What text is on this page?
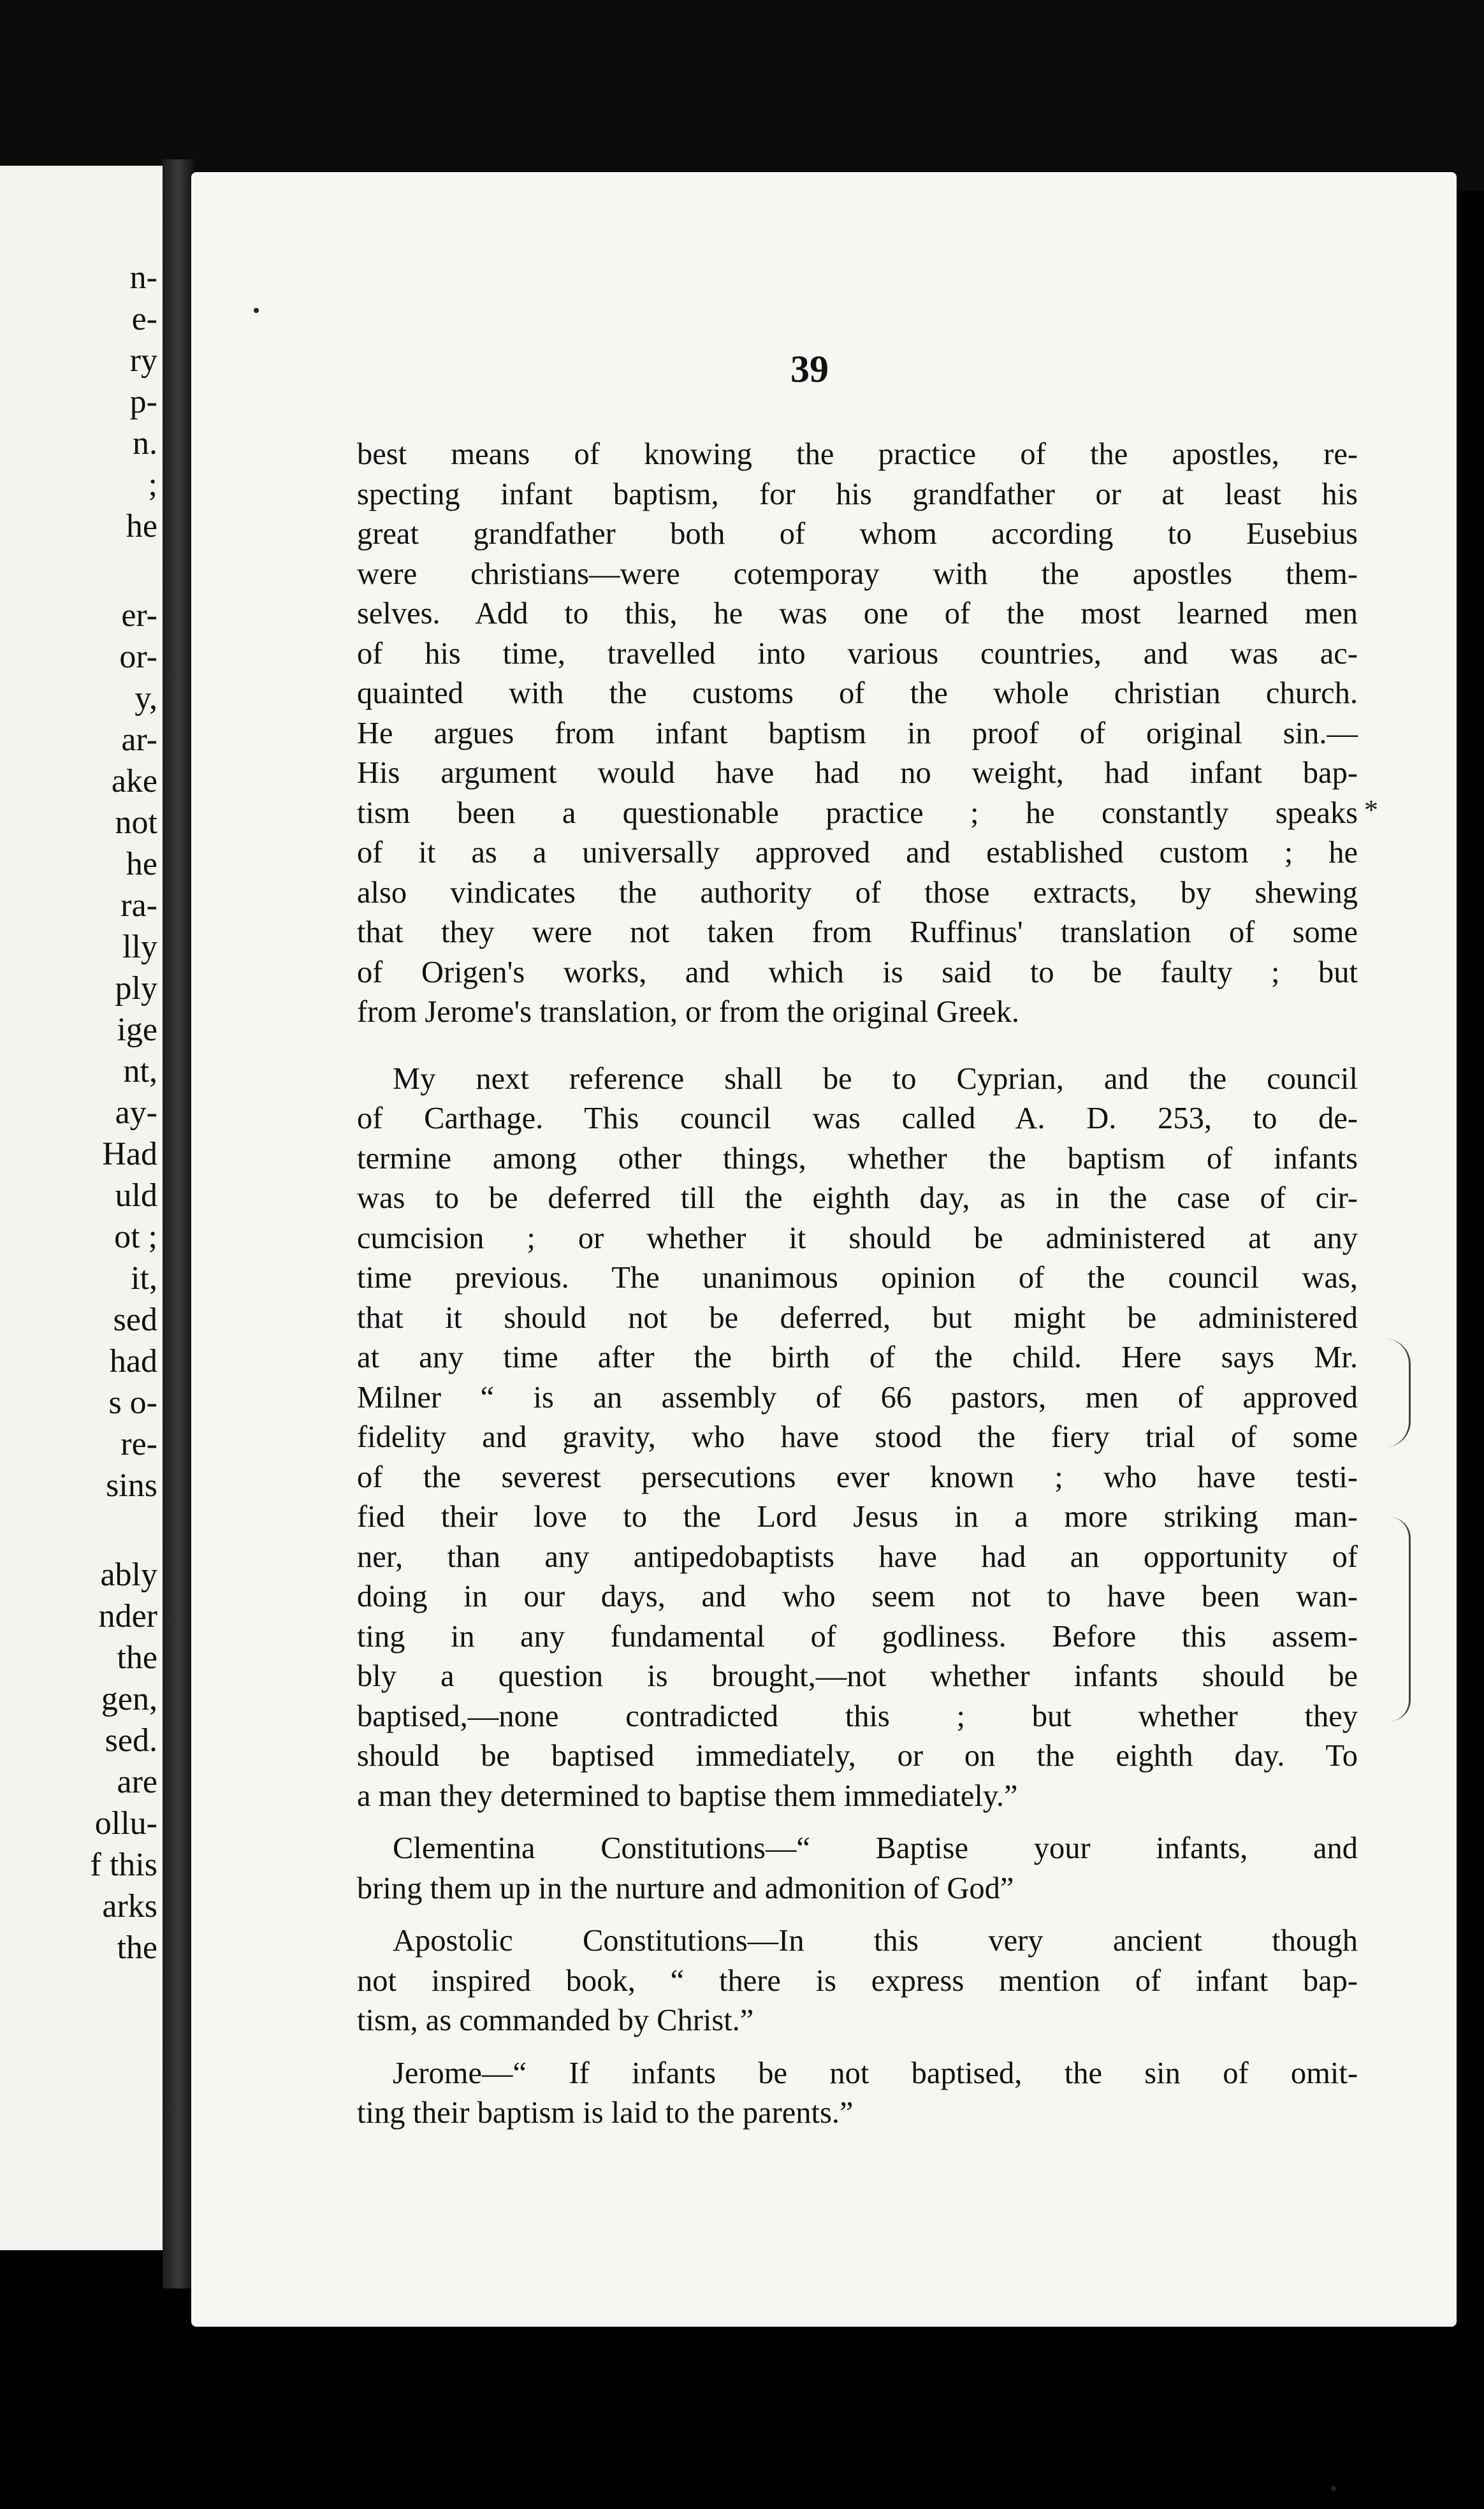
n-
e-
ry
p-
n.
;
he
er-
or-
y,
ar-
ake
not
he
ra-
lly
ply
ige
nt,
ay-
Had
uld
ot ;
it,
sed
had
s o-
re-
sins
ably
nder
the
gen,
sed.
are
ollu-
f this
arks
the
39
best means of knowing the practice of the apostles, re-
specting infant baptism, for his grandfather or at least his
great grandfather both of whom according to Eusebius
were christians—were cotemporay with the apostles them-
selves. Add to this, he was one of the most learned men
of his time, travelled into various countries, and was ac-
quainted with the customs of the whole christian church.
He argues from infant baptism in proof of original sin.—
His argument would have had no weight, had infant bap-
tism been a questionable practice ; he constantly speaks
of it as a universally approved and established custom ; he
also vindicates the authority of those extracts, by shewing
that they were not taken from Ruffinus' translation of some
of Origen's works, and which is said to be faulty ; but
from Jerome's translation, or from the original Greek.
My next reference shall be to Cyprian, and the council
of Carthage. This council was called A. D. 253, to de-
termine among other things, whether the baptism of infants
was to be deferred till the eighth day, as in the case of cir-
cumcision ; or whether it should be administered at any
time previous. The unanimous opinion of the council was,
that it should not be deferred, but might be administered
at any time after the birth of the child. Here says Mr.
Milner “ is an assembly of 66 pastors, men of approved
fidelity and gravity, who have stood the fiery trial of some
of the severest persecutions ever known ; who have testi-
fied their love to the Lord Jesus in a more striking man-
ner, than any antipedobaptists have had an opportunity of
doing in our days, and who seem not to have been wan-
ting in any fundamental of godliness. Before this assem-
bly a question is brought,—not whether infants should be
baptised,—none contradicted this ; but whether they
should be baptised immediately, or on the eighth day. To
a man they determined to baptise them immediately.”
Clementina Constitutions—“ Baptise your infants, and
bring them up in the nurture and admonition of God”
Apostolic Constitutions—In this very ancient though
not inspired book, “ there is express mention of infant bap-
tism, as commanded by Christ.”
Jerome—“ If infants be not baptised, the sin of omit-
ting their baptism is laid to the parents.”
*
